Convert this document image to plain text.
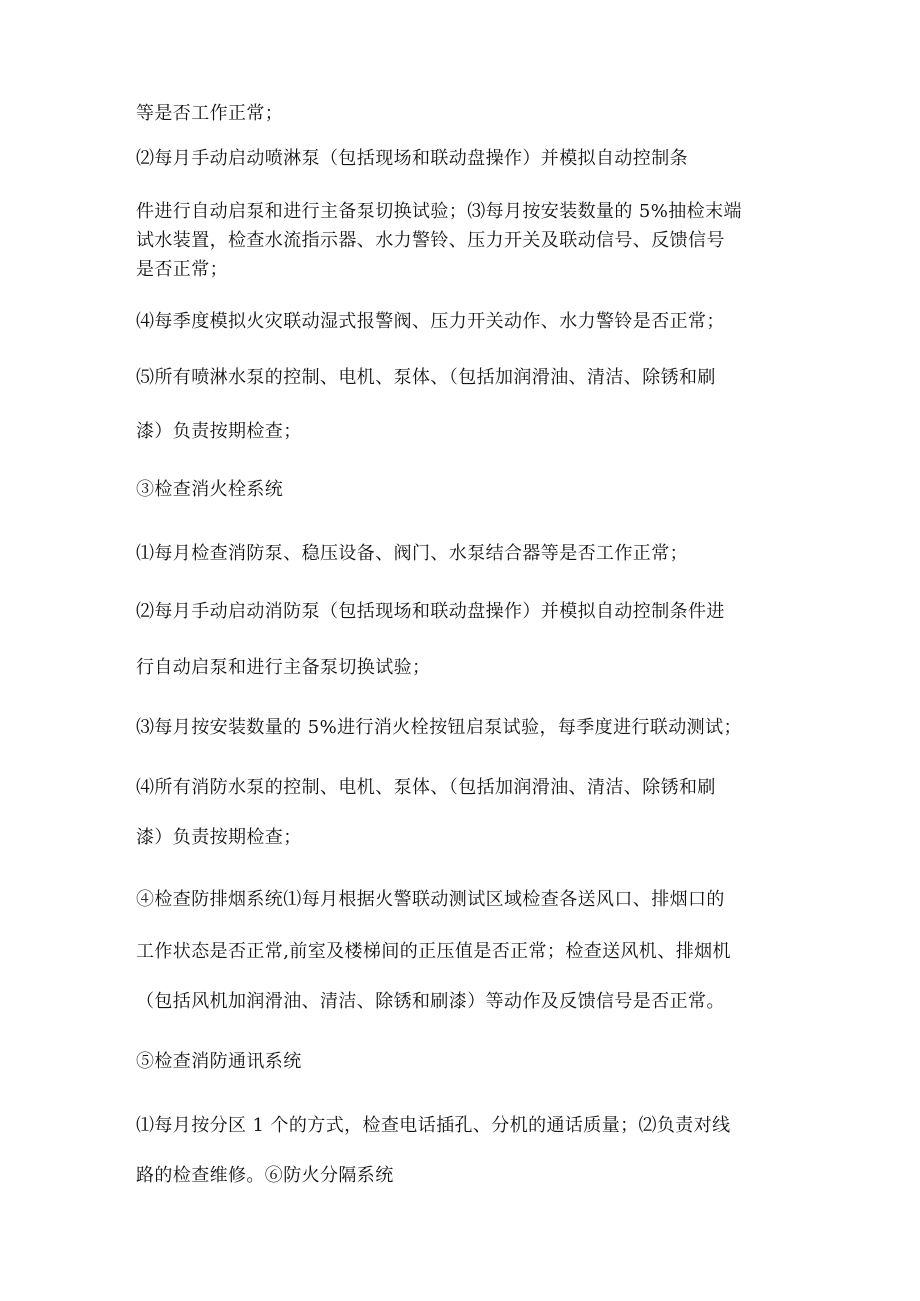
等是否工作正常；

⑵每月手动启动喷淋泵（包括现场和联动盘操作）并模拟自动控制条

件进行自动启泵和进行主备泵切换试验；⑶每月按安装数量的 5%抽检末端

试水装置，检查水流指示器、水力警铃、压力开关及联动信号、反馈信号

是否正常；

⑷每季度模拟火灾联动湿式报警阀、压力开关动作、水力警铃是否正常；

⑸所有喷淋水泵的控制、电机、泵体、（包括加润滑油、清洁、除锈和刷

漆）负责按期检查；

③检查消火栓系统

⑴每月检查消防泵、稳压设备、阀门、水泵结合器等是否工作正常；

⑵每月手动启动消防泵（包括现场和联动盘操作）并模拟自动控制条件进

行自动启泵和进行主备泵切换试验；

⑶每月按安装数量的 5%进行消火栓按钮启泵试验，每季度进行联动测试；

⑷所有消防水泵的控制、电机、泵体、（包括加润滑油、清洁、除锈和刷

漆）负责按期检查；

④检查防排烟系统⑴每月根据火警联动测试区域检查各送风口、排烟口的

工作状态是否正常,前室及楼梯间的正压值是否正常；检查送风机、排烟机

（包括风机加润滑油、清洁、除锈和刷漆）等动作及反馈信号是否正常。

⑤检查消防通讯系统

⑴每月按分区 1 个的方式，检查电话插孔、分机的通话质量；⑵负责对线

路的检查维修。⑥防火分隔系统
